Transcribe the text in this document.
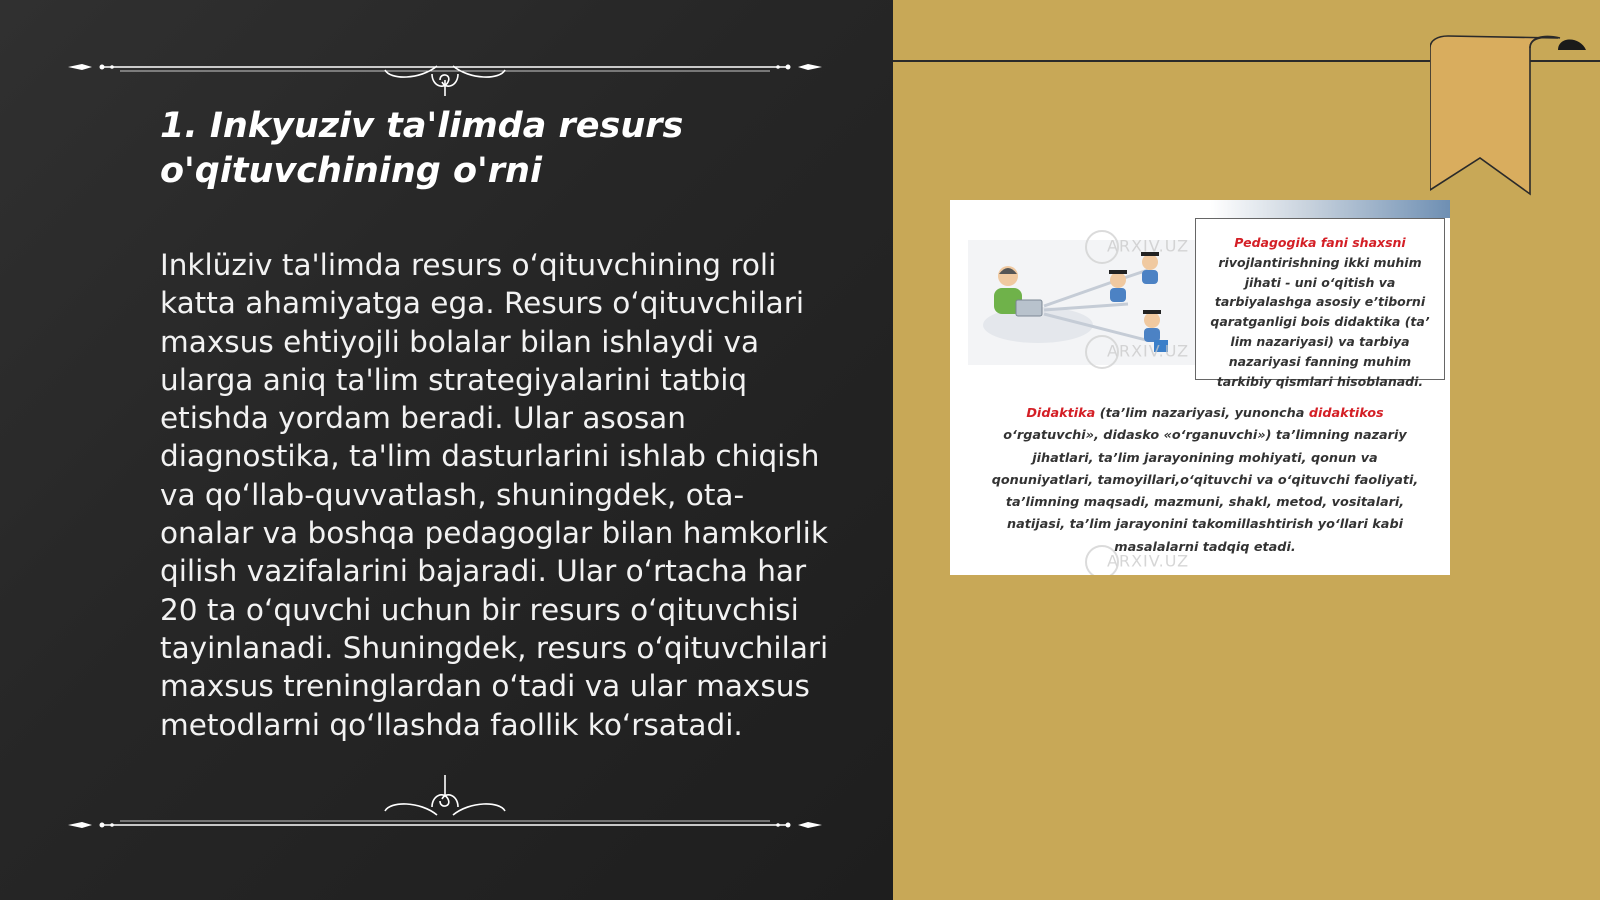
1. Inkyuziv ta'limda resurs o'qituvchining o'rni

Inklüziv ta'limda resurs o‘qituvchining roli katta ahamiyatga ega. Resurs o‘qituvchilari maxsus ehtiyojli bolalar bilan ishlaydi va ularga aniq ta'lim strategiyalarini tatbiq etishda yordam beradi. Ular asosan diagnostika, ta'lim dasturlarini ishlab chiqish va qo‘llab-quvvatlash, shuningdek, ota-onalar va boshqa pedagoglar bilan hamkorlik qilish vazifalarini bajaradi. Ular o‘rtacha har 20 ta o‘quvchi uchun bir resurs o‘qituvchisi tayinlanadi. Shuningdek, resurs o‘qituvchilari maxsus treninglardan o‘tadi va ular maxsus metodlarni qo‘llashda faollik ko‘rsatadi.

ARXIV.UZ
ARXIV.UZ
ARXIV.UZ
Pedagogika fani shaxsni
rivojlantirishning ikki muhim jihati - uni o‘qitish va tarbiyalashga asosiy e’tiborni qaratganligi bois didaktika (ta’ lim nazariyasi) va tarbiya nazariyasi fanning muhim tarkibiy qismlari hisoblanadi.

Didaktika (ta’lim nazariyasi, yunoncha didaktikos
o‘rgatuvchi», didasko «o‘rganuvchi») ta’limning nazariy jihatlari, ta’lim jarayonining mohiyati, qonun va qonuniyatlari, tamoyillari,o‘qituvchi va o‘qituvchi faoliyati, ta’limning maqsadi, mazmuni, shakl, metod, vositalari, natijasi, ta’lim jarayonini takomillashtirish yo‘llari kabi masalalarni tadqiq etadi.
